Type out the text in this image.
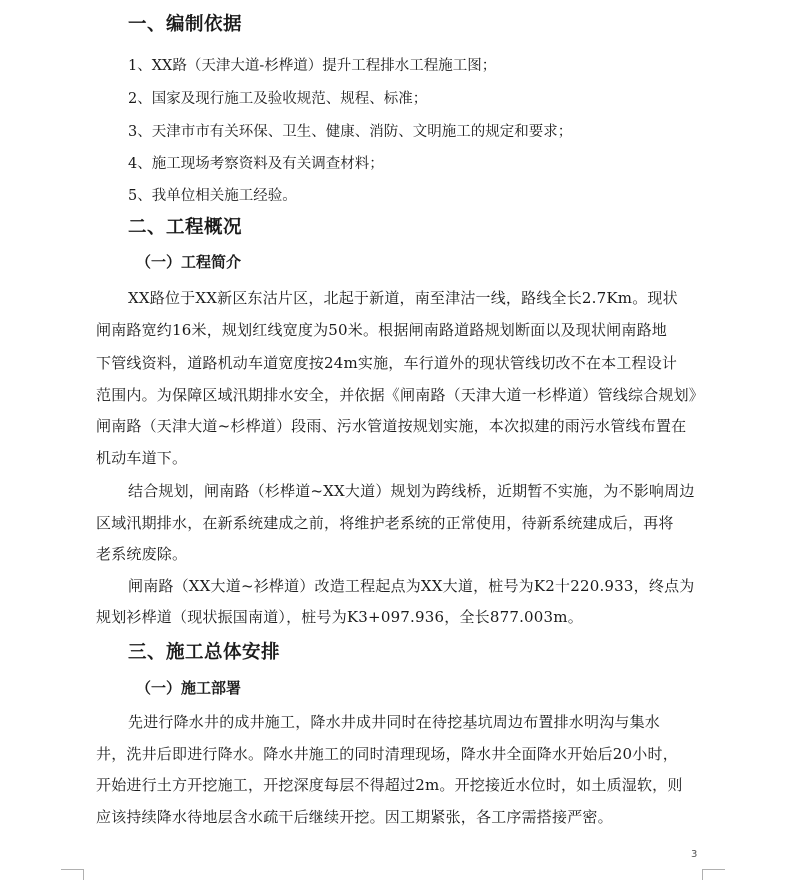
一、编制依据
1、XX路（天津大道-杉桦道）提升工程排水工程施工图；
2、国家及现行施工及验收规范、规程、标准；
3、天津市市有关环保、卫生、健康、消防、文明施工的规定和要求；
4、施工现场考察资料及有关调查材料；
5、我单位相关施工经验。
二、工程概况
（一）工程简介
XX路位于XX新区东沽片区，北起于新道，南至津沽一线，路线全长2.7Km。现状
闸南路宽约16米，规划红线宽度为50米。根据闸南路道路规划断面以及现状闸南路地
下管线资料，道路机动车道宽度按24m实施，车行道外的现状管线切改不在本工程设计
范围内。为保障区域汛期排水安全，并依据《闸南路（天津大道一杉桦道）管线综合规划》
闸南路（天津大道~杉桦道）段雨、污水管道按规划实施，本次拟建的雨污水管线布置在
机动车道下。
结合规划，闸南路（杉桦道~XX大道）规划为跨线桥，近期暂不实施，为不影响周边
区域汛期排水，在新系统建成之前，将维护老系统的正常使用，待新系统建成后，再将
老系统废除。
闸南路（XX大道~衫桦道）改造工程起点为XX大道，桩号为K2十220.933，终点为
规划衫桦道（现状振国南道），桩号为K3+097.936，全长877.003m。
三、施工总体安排
（一）施工部署
先进行降水井的成井施工，降水井成井同时在待挖基坑周边布置排水明沟与集水
井，洗井后即进行降水。降水井施工的同时清理现场，降水井全面降水开始后20小时，
开始进行土方开挖施工，开挖深度每层不得超过2m。开挖接近水位时，如土质湿软，则
应该持续降水待地层含水疏干后继续开挖。因工期紧张，各工序需搭接严密。
3
